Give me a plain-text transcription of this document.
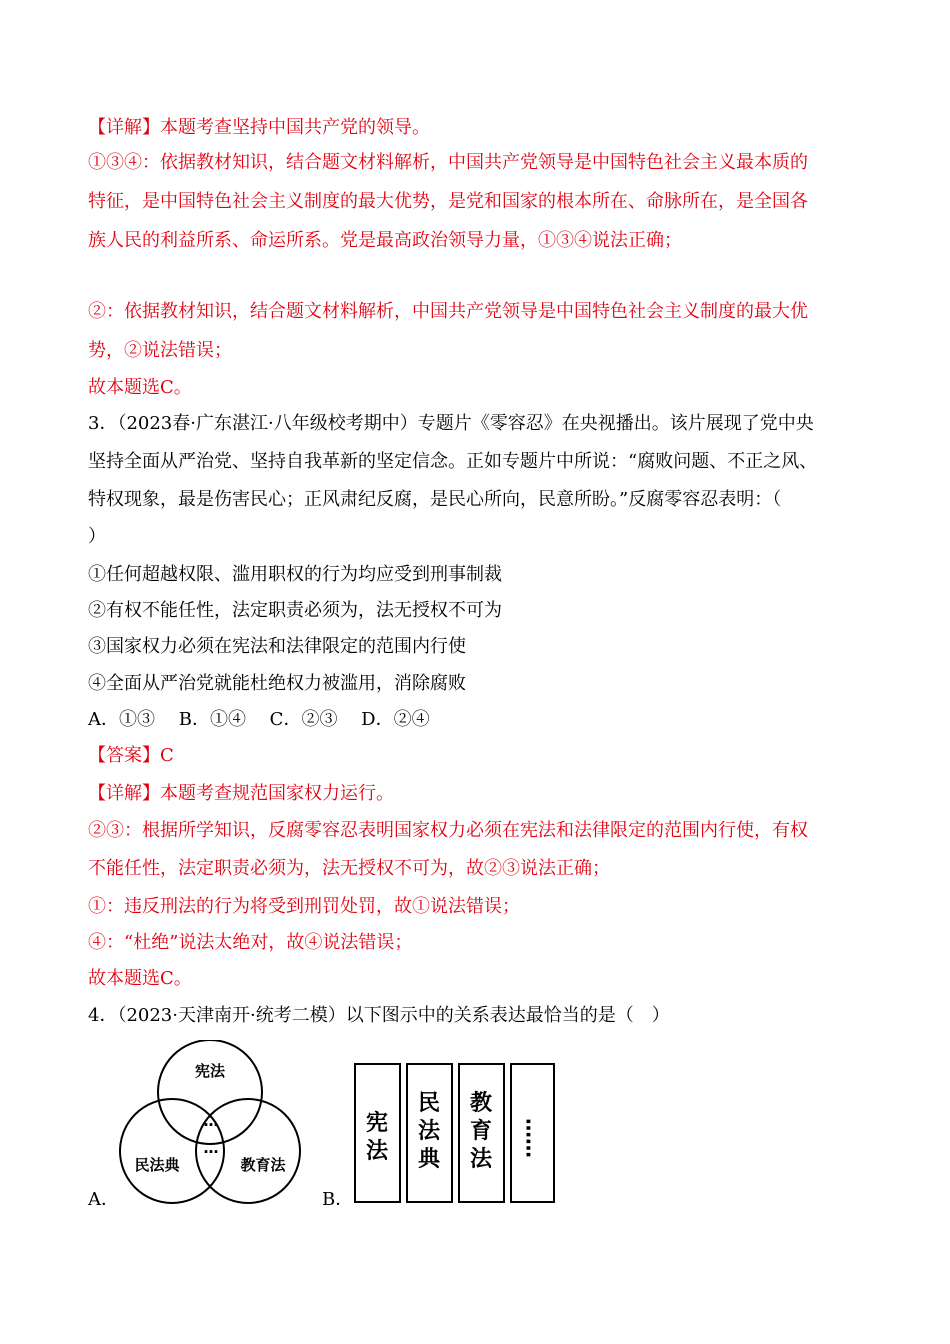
【详解】本题考查坚持中国共产党的领导。
①③④：依据教材知识，结合题文材料解析，中国共产党领导是中国特色社会主义最本质的
特征，是中国特色社会主义制度的最大优势，是党和国家的根本所在、命脉所在，是全国各
族人民的利益所系、命运所系。党是最高政治领导力量，①③④说法正确；
②：依据教材知识，结合题文材料解析，中国共产党领导是中国特色社会主义制度的最大优
势，②说法错误；
故本题选C。
3．（2023春·广东湛江·八年级校考期中）专题片《零容忍》在央视播出。该片展现了党中央
坚持全面从严治党、坚持自我革新的坚定信念。正如专题片中所说：“腐败问题、不正之风、
特权现象，最是伤害民心；正风肃纪反腐，是民心所向，民意所盼。”反腐零容忍表明：（
）
①任何超越权限、滥用职权的行为均应受到刑事制裁
②有权不能任性，法定职责必须为，法无授权不可为
③国家权力必须在宪法和法律限定的范围内行使
④全面从严治党就能杜绝权力被滥用，消除腐败
A．①③　 B．①④　 C．②③　 D．②④
【答案】C
【详解】本题考查规范国家权力运行。
②③：根据所学知识，反腐零容忍表明国家权力必须在宪法和法律限定的范围内行使，有权
不能任性，法定职责必须为，法无授权不可为，故②③说法正确；
①：违反刑法的行为将受到刑罚处罚，故①说法错误；
④：“杜绝”说法太绝对，故④说法错误；
故本题选C。
4．（2023·天津南开·统考二模）以下图示中的关系表达最恰当的是（　）
A．
宪法
民法典	教育法
…
…
B．
宪
法
民
法
典
教
育
法
……
